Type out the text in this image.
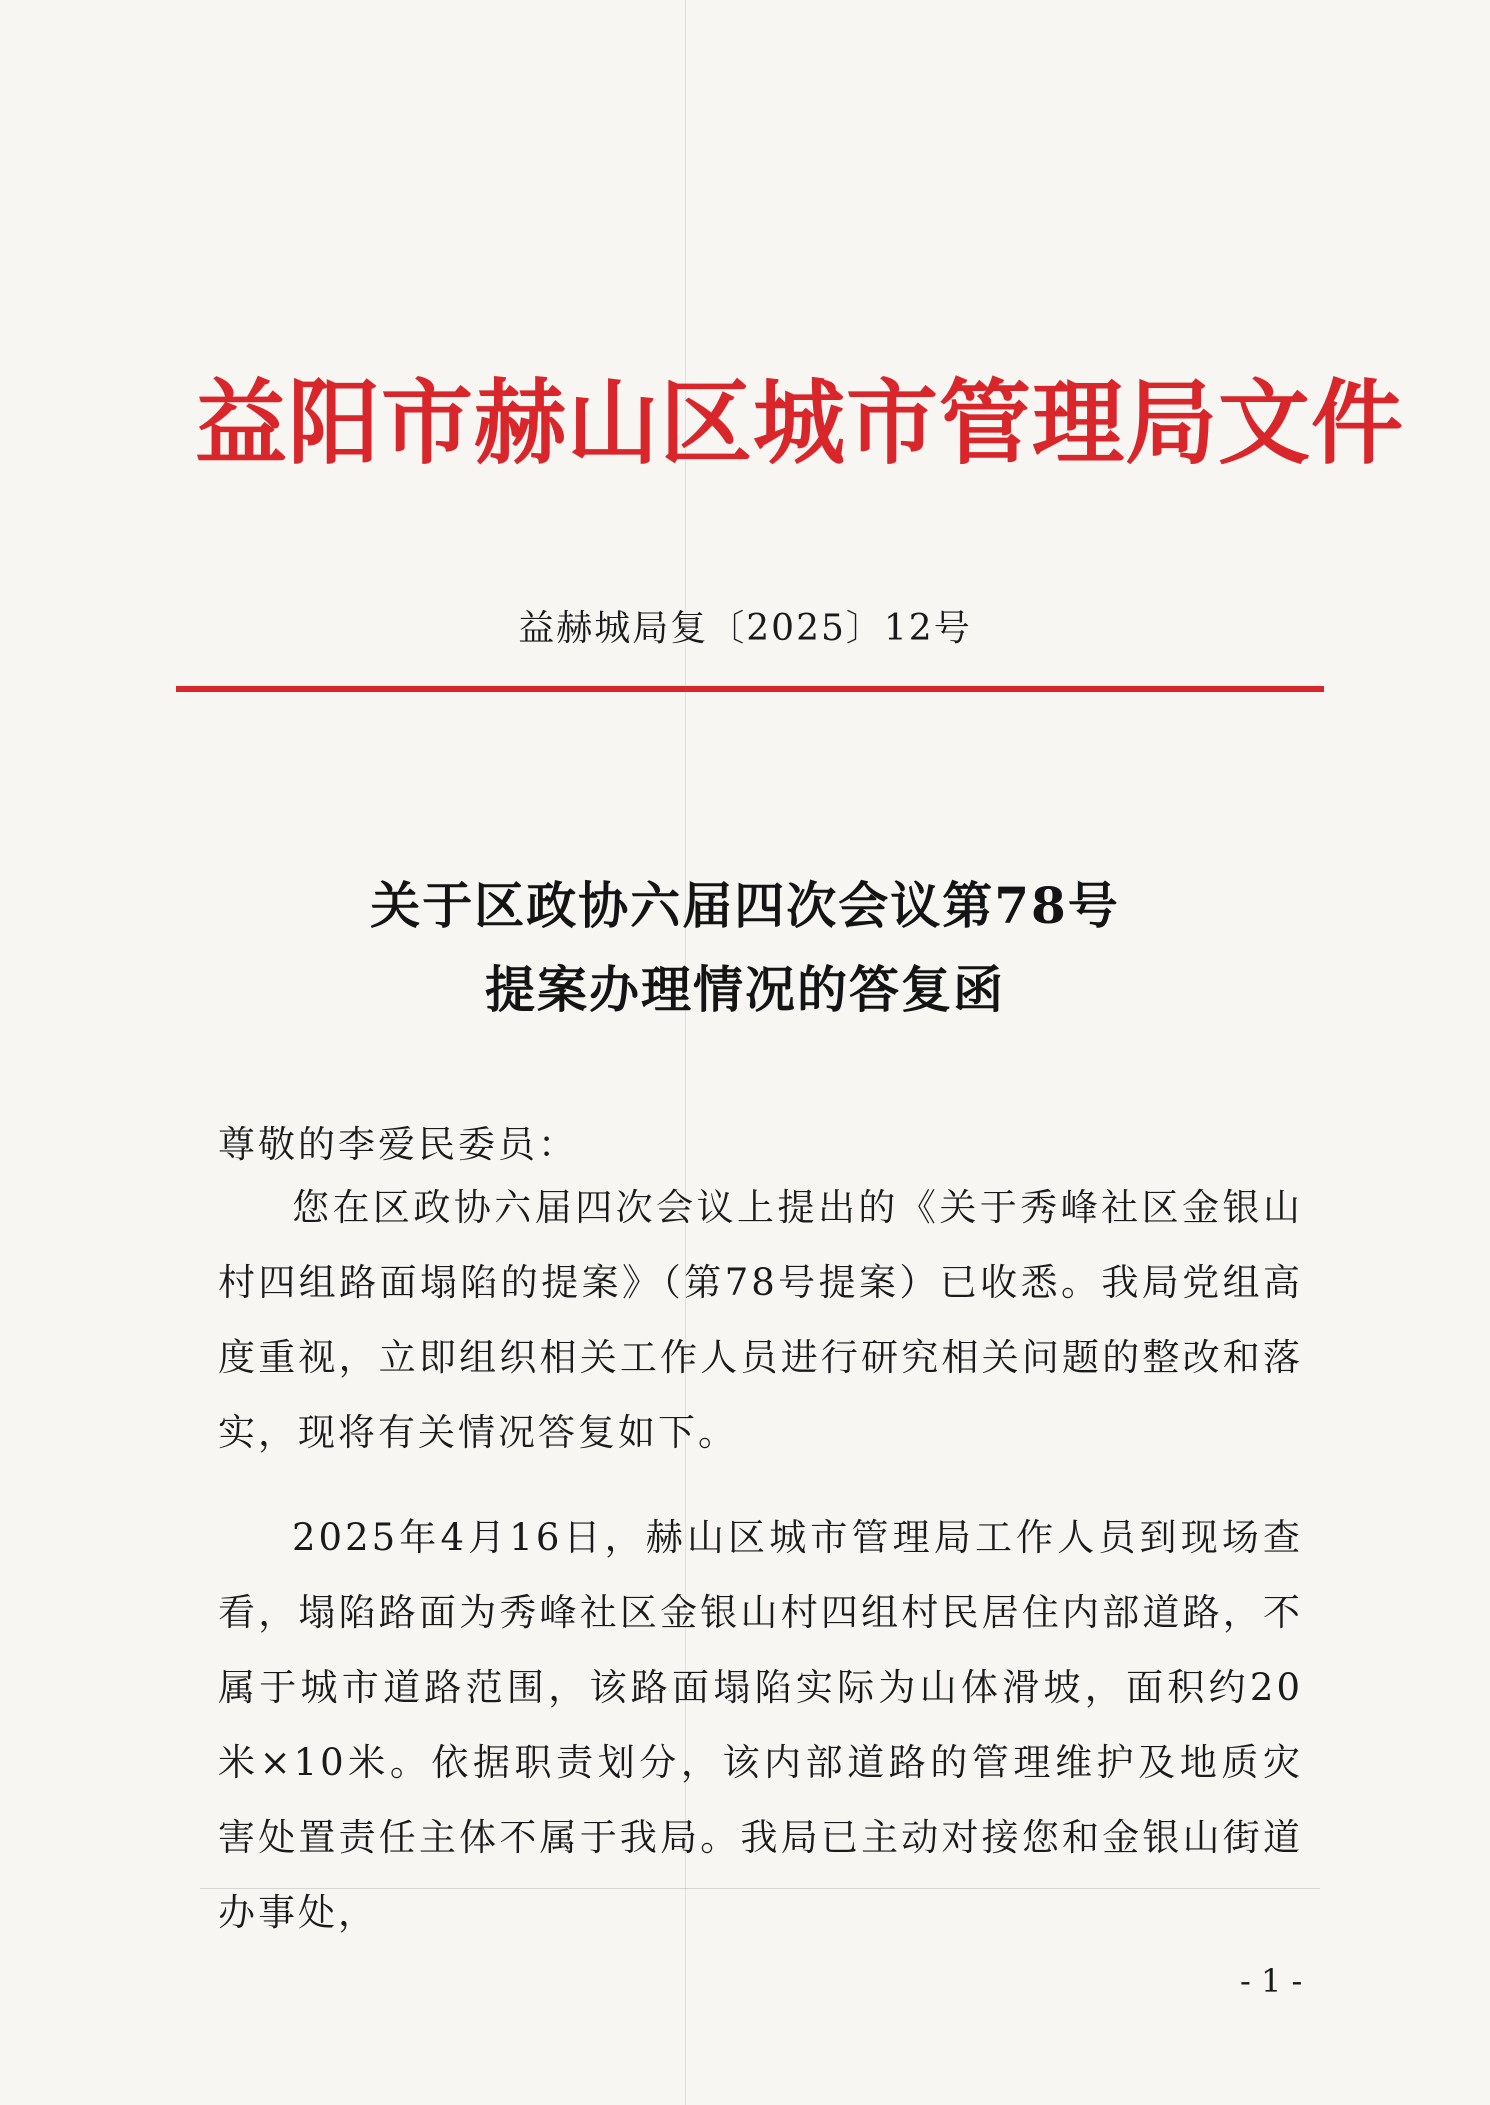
益阳市赫山区城市管理局文件
益赫城局复〔2025〕12号
关于区政协六届四次会议第78号
提案办理情况的答复函
尊敬的李爱民委员：
您在区政协六届四次会议上提出的《关于秀峰社区金银山村四组路面塌陷的提案》（第78号提案）已收悉。我局党组高度重视，立即组织相关工作人员进行研究相关问题的整改和落实，现将有关情况答复如下。
2025年4月16日，赫山区城市管理局工作人员到现场查看，塌陷路面为秀峰社区金银山村四组村民居住内部道路，不属于城市道路范围，该路面塌陷实际为山体滑坡，面积约20米×10米。依据职责划分，该内部道路的管理维护及地质灾害处置责任主体不属于我局。我局已主动对接您和金银山街道办事处，
- 1 -
